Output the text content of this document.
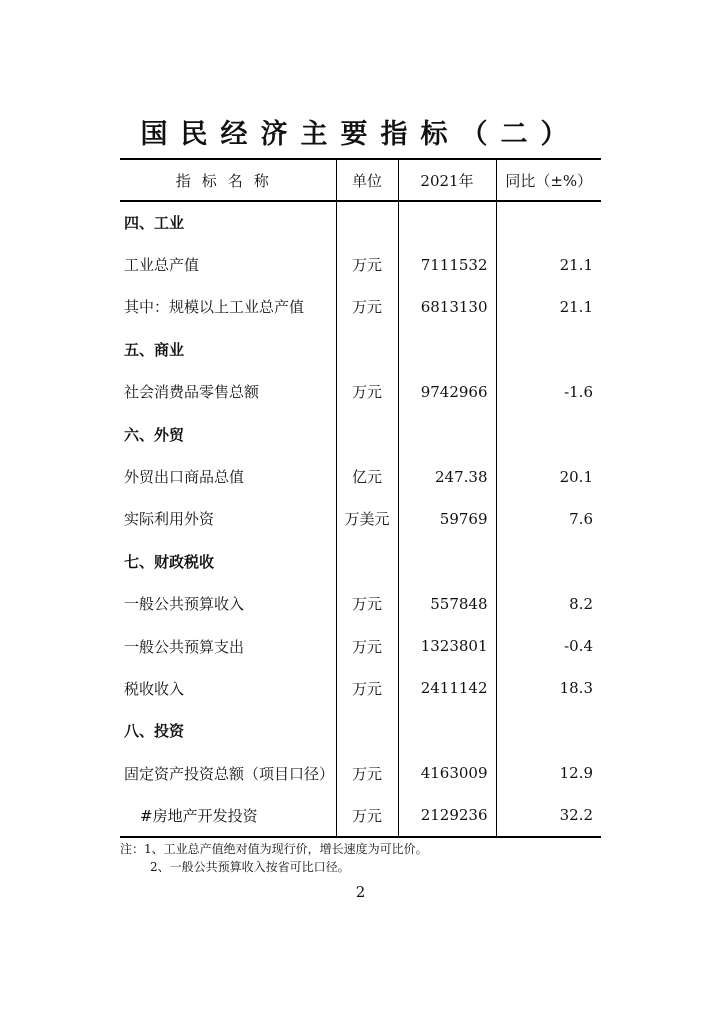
国民经济主要指标（二）
指标名称	单位	2021年	同比（±%）
四、工业			
工业总产值	万元	7111532	21.1
其中：规模以上工业总产值	万元	6813130	21.1
五、商业			
社会消费品零售总额	万元	9742966	-1.6
六、外贸			
外贸出口商品总值	亿元	247.38	20.1
实际利用外资	万美元	59769	7.6
七、财政税收			
一般公共预算收入	万元	557848	8.2
一般公共预算支出	万元	1323801	-0.4
税收收入	万元	2411142	18.3
八、投资			
固定资产投资总额（项目口径）	万元	4163009	12.9
#房地产开发投资	万元	2129236	32.2
注：1、工业总产值绝对值为现行价，增长速度为可比价。
2、一般公共预算收入按省可比口径。
2
